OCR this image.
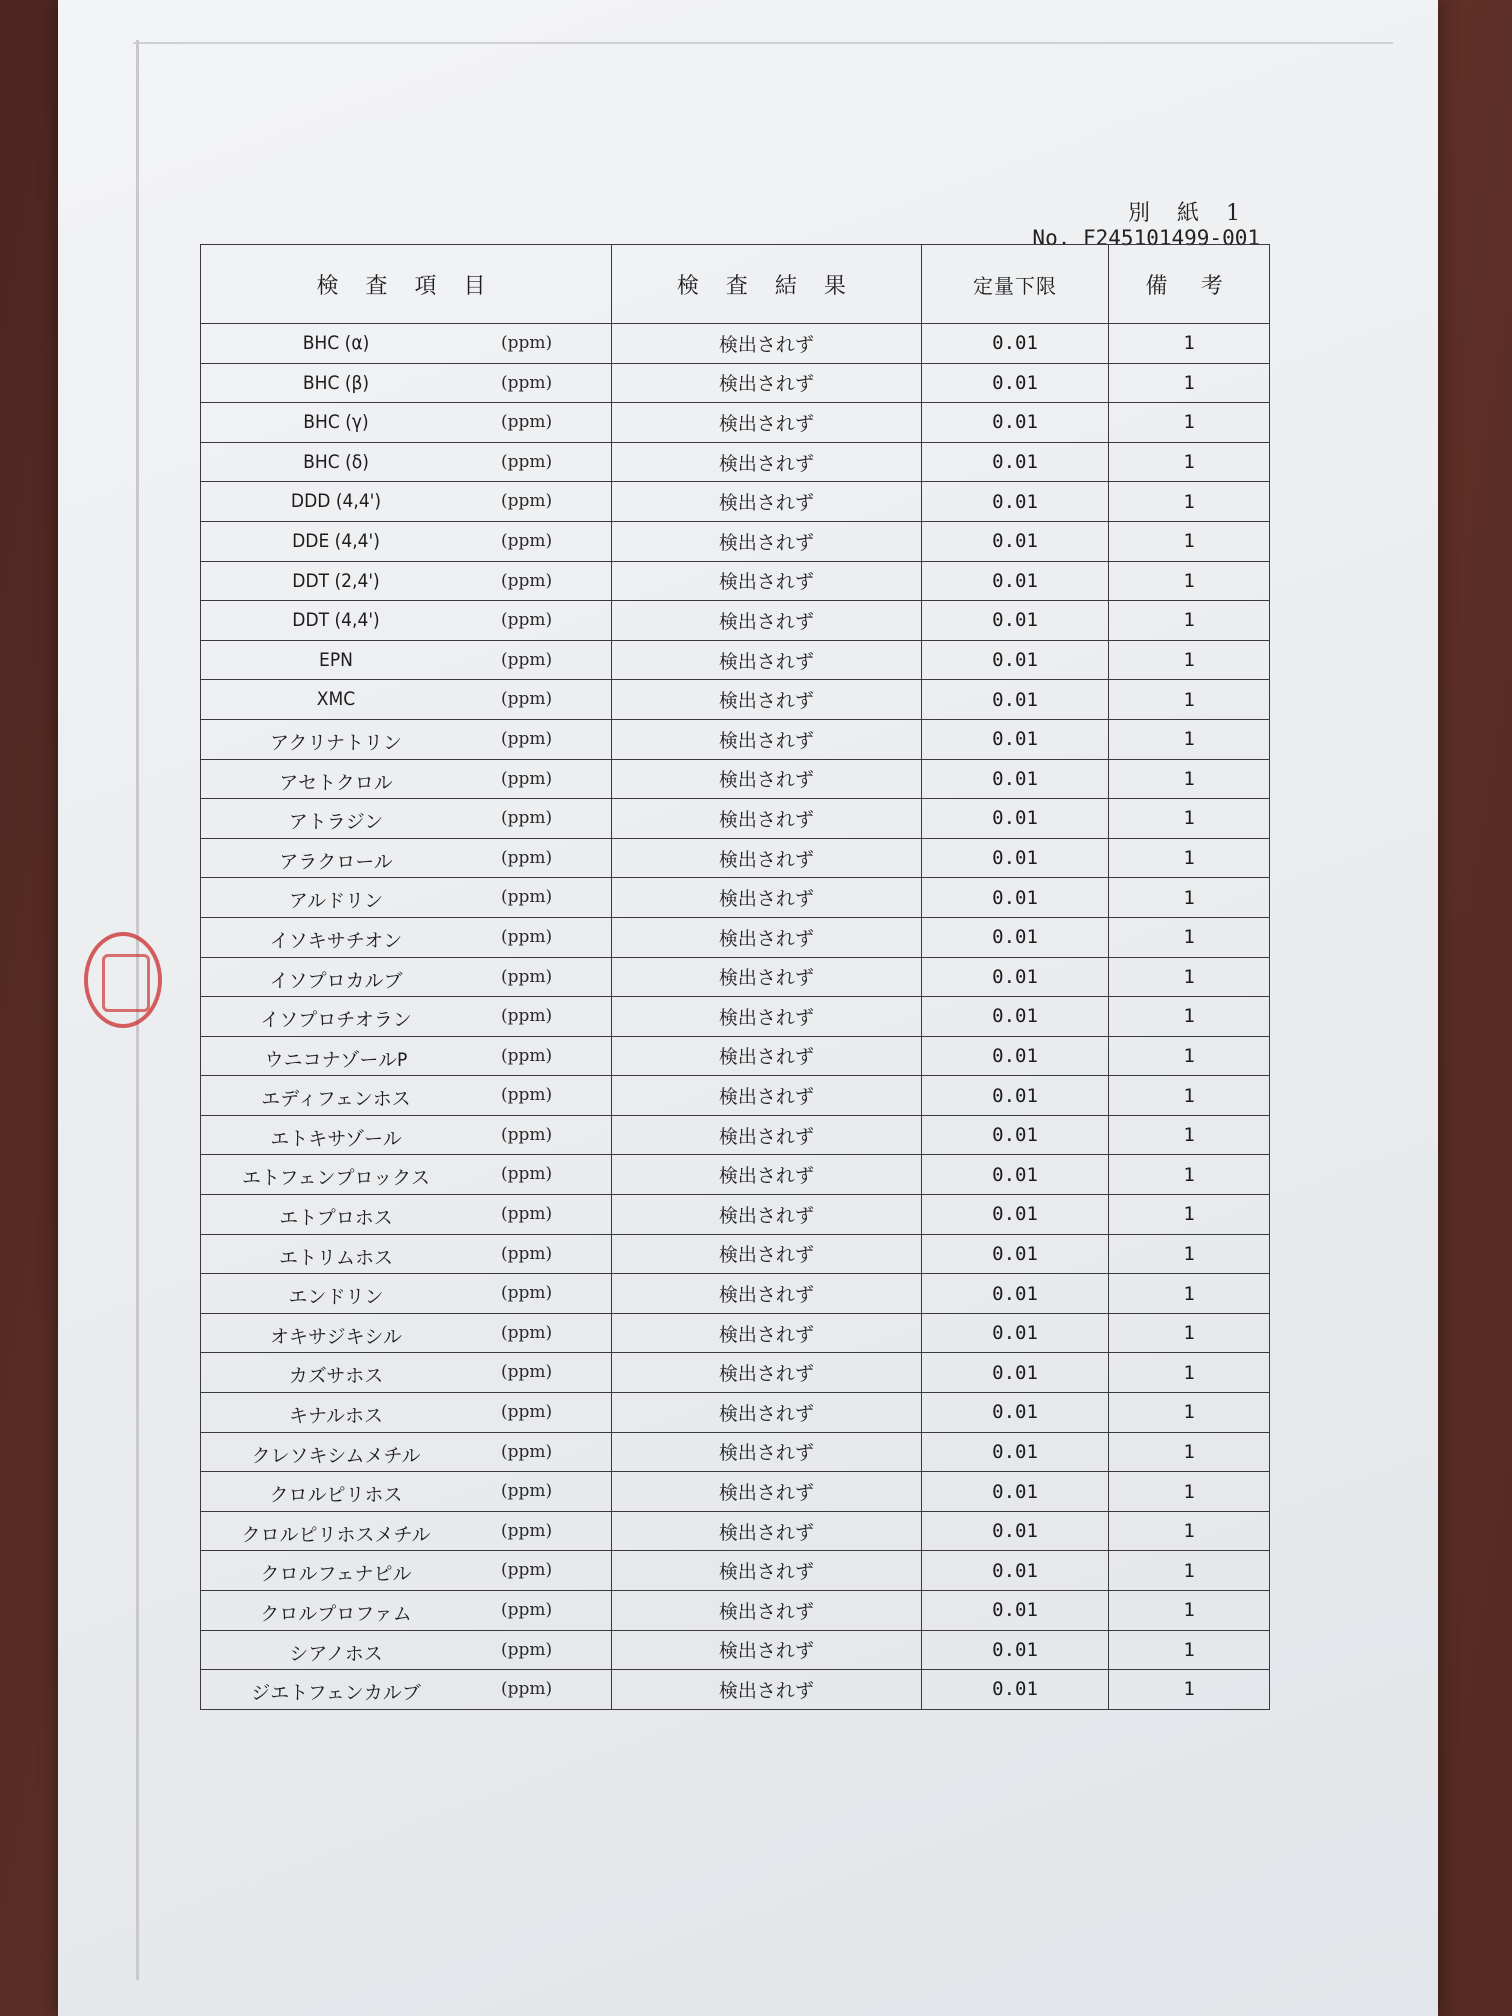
別 紙 1
No. F245101499-001
検 査 項 目	検 査 結 果	定量下限	備 考

BHC (α) (ppm)	検出されず	0.01	1

BHC (β) (ppm)	検出されず	0.01	1

BHC (γ) (ppm)	検出されず	0.01	1

BHC (δ) (ppm)	検出されず	0.01	1

DDD (4,4') (ppm)	検出されず	0.01	1

DDE (4,4') (ppm)	検出されず	0.01	1

DDT (2,4') (ppm)	検出されず	0.01	1

DDT (4,4') (ppm)	検出されず	0.01	1

EPN (ppm)	検出されず	0.01	1

XMC (ppm)	検出されず	0.01	1

アクリナトリン (ppm)	検出されず	0.01	1

アセトクロル (ppm)	検出されず	0.01	1

アトラジン (ppm)	検出されず	0.01	1

アラクロール (ppm)	検出されず	0.01	1

アルドリン (ppm)	検出されず	0.01	1

イソキサチオン (ppm)	検出されず	0.01	1

イソプロカルブ (ppm)	検出されず	0.01	1

イソプロチオラン (ppm)	検出されず	0.01	1

ウニコナゾールP (ppm)	検出されず	0.01	1

エディフェンホス (ppm)	検出されず	0.01	1

エトキサゾール (ppm)	検出されず	0.01	1

エトフェンプロックス (ppm)	検出されず	0.01	1

エトプロホス (ppm)	検出されず	0.01	1

エトリムホス (ppm)	検出されず	0.01	1

エンドリン (ppm)	検出されず	0.01	1

オキサジキシル (ppm)	検出されず	0.01	1

カズサホス (ppm)	検出されず	0.01	1

キナルホス (ppm)	検出されず	0.01	1

クレソキシムメチル (ppm)	検出されず	0.01	1

クロルピリホス (ppm)	検出されず	0.01	1

クロルピリホスメチル (ppm)	検出されず	0.01	1

クロルフェナピル (ppm)	検出されず	0.01	1

クロルプロファム (ppm)	検出されず	0.01	1

シアノホス (ppm)	検出されず	0.01	1

ジエトフェンカルブ (ppm)	検出されず	0.01	1
